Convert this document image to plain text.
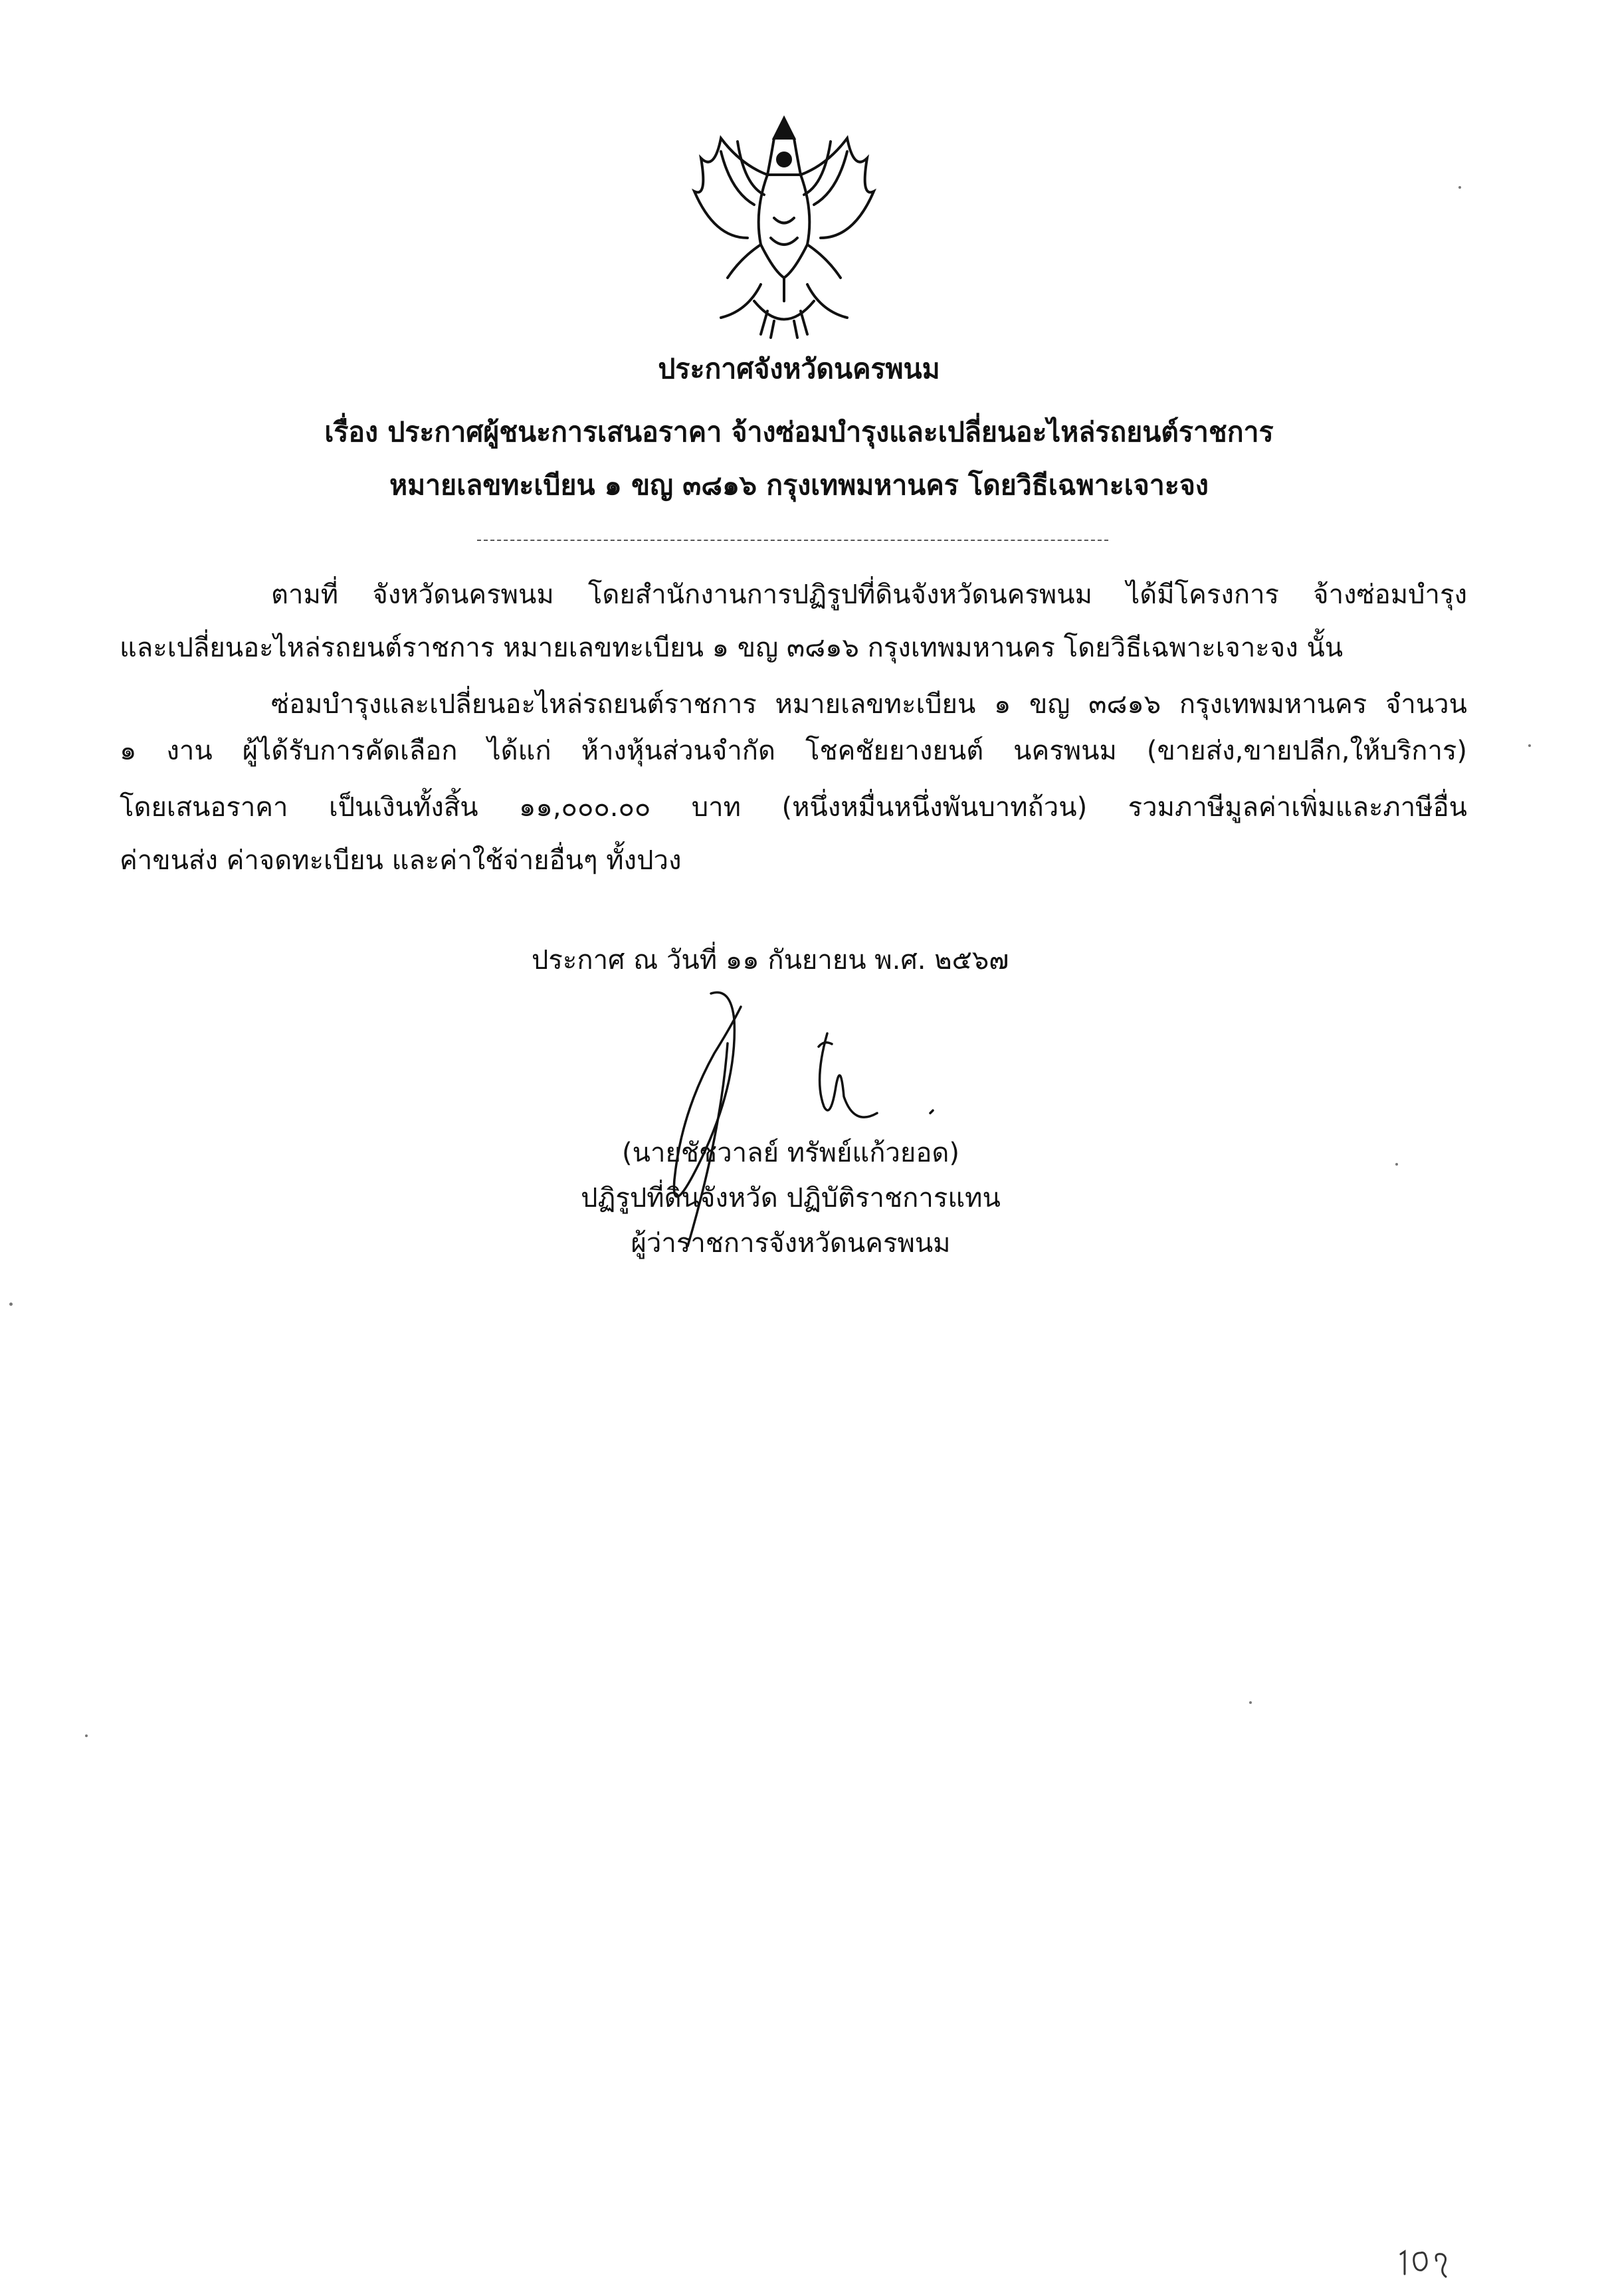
ประกาศจังหวัดนครพนม
เรื่อง ประกาศผู้ชนะการเสนอราคา จ้างซ่อมบำรุงและเปลี่ยนอะไหล่รถยนต์ราชการ
หมายเลขทะเบียน ๑ ขญ ๓๘๑๖ กรุงเทพมหานคร โดยวิธีเฉพาะเจาะจง
ตามที่ จังหวัดนครพนม โดยสำนักงานการปฏิรูปที่ดินจังหวัดนครพนม ได้มีโครงการ จ้างซ่อมบำรุง
และเปลี่ยนอะไหล่รถยนต์ราชการ หมายเลขทะเบียน ๑ ขญ ๓๘๑๖ กรุงเทพมหานคร โดยวิธีเฉพาะเจาะจง นั้น
ซ่อมบำรุงและเปลี่ยนอะไหล่รถยนต์ราชการ หมายเลขทะเบียน ๑ ขญ ๓๘๑๖ กรุงเทพมหานคร จำนวน
๑ งาน ผู้ได้รับการคัดเลือก ได้แก่ ห้างหุ้นส่วนจำกัด โชคชัยยางยนต์ นครพนม (ขายส่ง,ขายปลีก,ให้บริการ)
โดยเสนอราคา เป็นเงินทั้งสิ้น ๑๑,๐๐๐.๐๐ บาท (หนึ่งหมื่นหนึ่งพันบาทถ้วน) รวมภาษีมูลค่าเพิ่มและภาษีอื่น
ค่าขนส่ง ค่าจดทะเบียน และค่าใช้จ่ายอื่นๆ ทั้งปวง
ประกาศ ณ วันที่ ๑๑ กันยายน พ.ศ. ๒๕๖๗
(นายชัชวาลย์ ทรัพย์แก้วยอด)
ปฏิรูปที่ดินจังหวัด ปฏิบัติราชการแทน
ผู้ว่าราชการจังหวัดนครพนม
